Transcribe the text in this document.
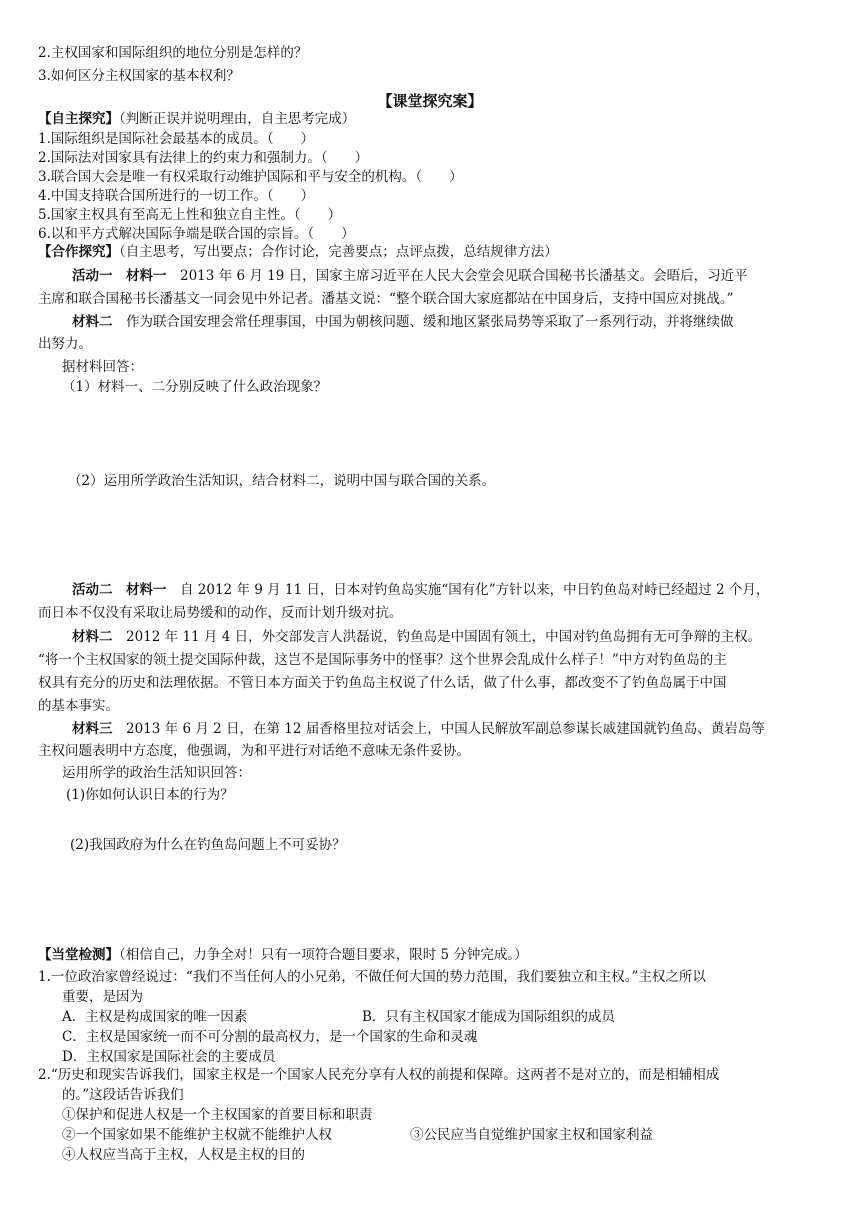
2.主权国家和国际组织的地位分别是怎样的？
3.如何区分主权国家的基本权利？
【课堂探究案】
【自主探究】（判断正误并说明理由，自主思考完成）
1.国际组织是国际社会最基本的成员。（　　）
2.国际法对国家具有法律上的约束力和强制力。（　　）
3.联合国大会是唯一有权采取行动维护国际和平与安全的机构。（　　）
4.中国支持联合国所进行的一切工作。（　　）
5.国家主权具有至高无上性和独立自主性。（　　）
6.以和平方式解决国际争端是联合国的宗旨。（　　）
【合作探究】（自主思考，写出要点；合作讨论，完善要点；点评点拨，总结规律方法）
活动一　材料一　2013 年 6 月 19 日，国家主席习近平在人民大会堂会见联合国秘书长潘基文。会晤后，习近平
主席和联合国秘书长潘基文一同会见中外记者。潘基文说：“整个联合国大家庭都站在中国身后，支持中国应对挑战。”
材料二　作为联合国安理会常任理事国，中国为朝核问题、缓和地区紧张局势等采取了一系列行动，并将继续做
出努力。
据材料回答：
（1）材料一、二分别反映了什么政治现象？
（2）运用所学政治生活知识，结合材料二，说明中国与联合国的关系。
活动二　材料一　自 2012 年 9 月 11 日，日本对钓鱼岛实施“国有化”方针以来，中日钓鱼岛对峙已经超过 2 个月，
而日本不仅没有采取让局势缓和的动作，反而计划升级对抗。
材料二　2012 年 11 月 4 日，外交部发言人洪磊说，钓鱼岛是中国固有领土，中国对钓鱼岛拥有无可争辩的主权。
“将一个主权国家的领土提交国际仲裁，这岂不是国际事务中的怪事？这个世界会乱成什么样子！”中方对钓鱼岛的主
权具有充分的历史和法理依据。不管日本方面关于钓鱼岛主权说了什么话，做了什么事，都改变不了钓鱼岛属于中国
的基本事实。
材料三　2013 年 6 月 2 日，在第 12 届香格里拉对话会上，中国人民解放军副总参谋长戚建国就钓鱼岛、黄岩岛等
主权问题表明中方态度，他强调，为和平进行对话绝不意味无条件妥协。
运用所学的政治生活知识回答：
(1)你如何认识日本的行为？
(2)我国政府为什么在钓鱼岛问题上不可妥协？
【当堂检测】（相信自己，力争全对！只有一项符合题目要求，限时 5 分钟完成。）
1.一位政治家曾经说过：“我们不当任何人的小兄弟，不做任何大国的势力范围，我们要独立和主权。”主权之所以
重要，是因为
A．主权是构成国家的唯一因素	B．只有主权国家才能成为国际组织的成员
C．主权是国家统一而不可分割的最高权力，是一个国家的生命和灵魂
D．主权国家是国际社会的主要成员
2.“历史和现实告诉我们，国家主权是一个国家人民充分享有人权的前提和保障。这两者不是对立的，而是相辅相成
的。”这段话告诉我们
①保护和促进人权是一个主权国家的首要目标和职责
②一个国家如果不能维护主权就不能维护人权	③公民应当自觉维护国家主权和国家利益
④人权应当高于主权，人权是主权的目的
